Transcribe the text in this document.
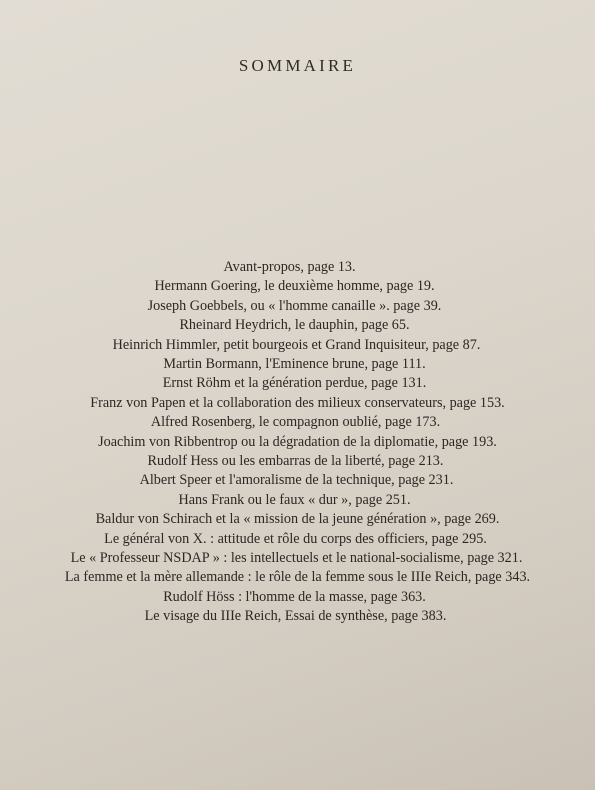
SOMMAIRE
Avant-propos, page 13.
Hermann Goering, le deuxième homme, page 19.
Joseph Goebbels, ou « l'homme canaille ». page 39.
Rheinard Heydrich, le dauphin, page 65.
Heinrich Himmler, petit bourgeois et Grand Inquisiteur, page 87.
Martin Bormann, l'Eminence brune, page 111.
Ernst Röhm et la génération perdue, page 131.
Franz von Papen et la collaboration des milieux conservateurs, page 153.
Alfred Rosenberg, le compagnon oublié, page 173.
Joachim von Ribbentrop ou la dégradation de la diplomatie, page 193.
Rudolf Hess ou les embarras de la liberté, page 213.
Albert Speer et l'amoralisme de la technique, page 231.
Hans Frank ou le faux « dur », page 251.
Baldur von Schirach et la « mission de la jeune génération », page 269.
Le général von X. : attitude et rôle du corps des officiers, page 295.
Le « Professeur NSDAP » : les intellectuels et le national-socialisme, page 321.
La femme et la mère allemande : le rôle de la femme sous le IIIe Reich, page 343.
Rudolf Höss : l'homme de la masse, page 363.
Le visage du IIIe Reich, Essai de synthèse, page 383.
